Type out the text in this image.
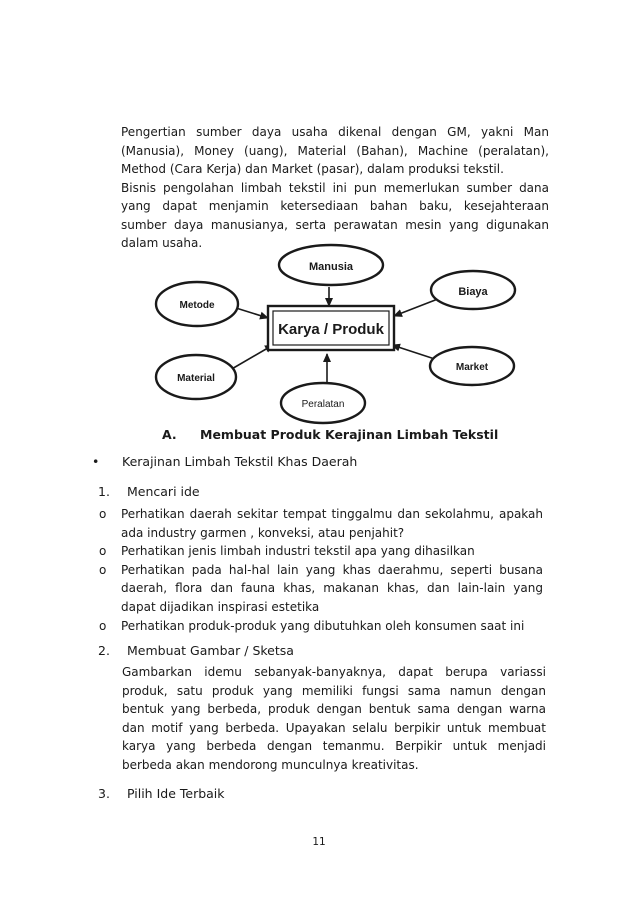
Pengertian sumber daya usaha dikenal dengan GM, yakni Man (Manusia), Money (uang), Material (Bahan), Machine (peralatan), Method (Cara Kerja) dan Market (pasar), dalam produksi tekstil.

Bisnis pengolahan limbah tekstil ini pun memerlukan sumber dana yang dapat menjamin ketersediaan bahan baku, kesejahteraan sumber daya manusianya, serta perawatan mesin yang digunakan dalam usaha.

Karya / Produk
Manusia
Biaya
Metode
Market
Material
Peralatan
A. Membuat Produk Kerajinan Limbah Tekstil
• Kerajinan Limbah Tekstil Khas Daerah
1. Mencari ide
o Perhatikan daerah sekitar tempat tinggalmu dan sekolahmu, apakah ada industry garmen , konveksi, atau penjahit?
o Perhatikan jenis limbah industri tekstil apa yang dihasilkan
o Perhatikan pada hal-hal lain yang khas daerahmu, seperti busana daerah, flora dan fauna khas, makanan khas, dan lain-lain yang dapat dijadikan inspirasi estetika
o Perhatikan produk-produk yang dibutuhkan oleh konsumen saat ini
2. Membuat Gambar / Sketsa
Gambarkan idemu sebanyak-banyaknya, dapat berupa variassi produk, satu produk yang memiliki fungsi sama namun dengan bentuk yang berbeda, produk dengan bentuk sama dengan warna dan motif yang berbeda. Upayakan selalu berpikir untuk membuat karya yang berbeda dengan temanmu. Berpikir untuk menjadi berbeda akan mendorong munculnya kreativitas.
3. Pilih Ide Terbaik
11
